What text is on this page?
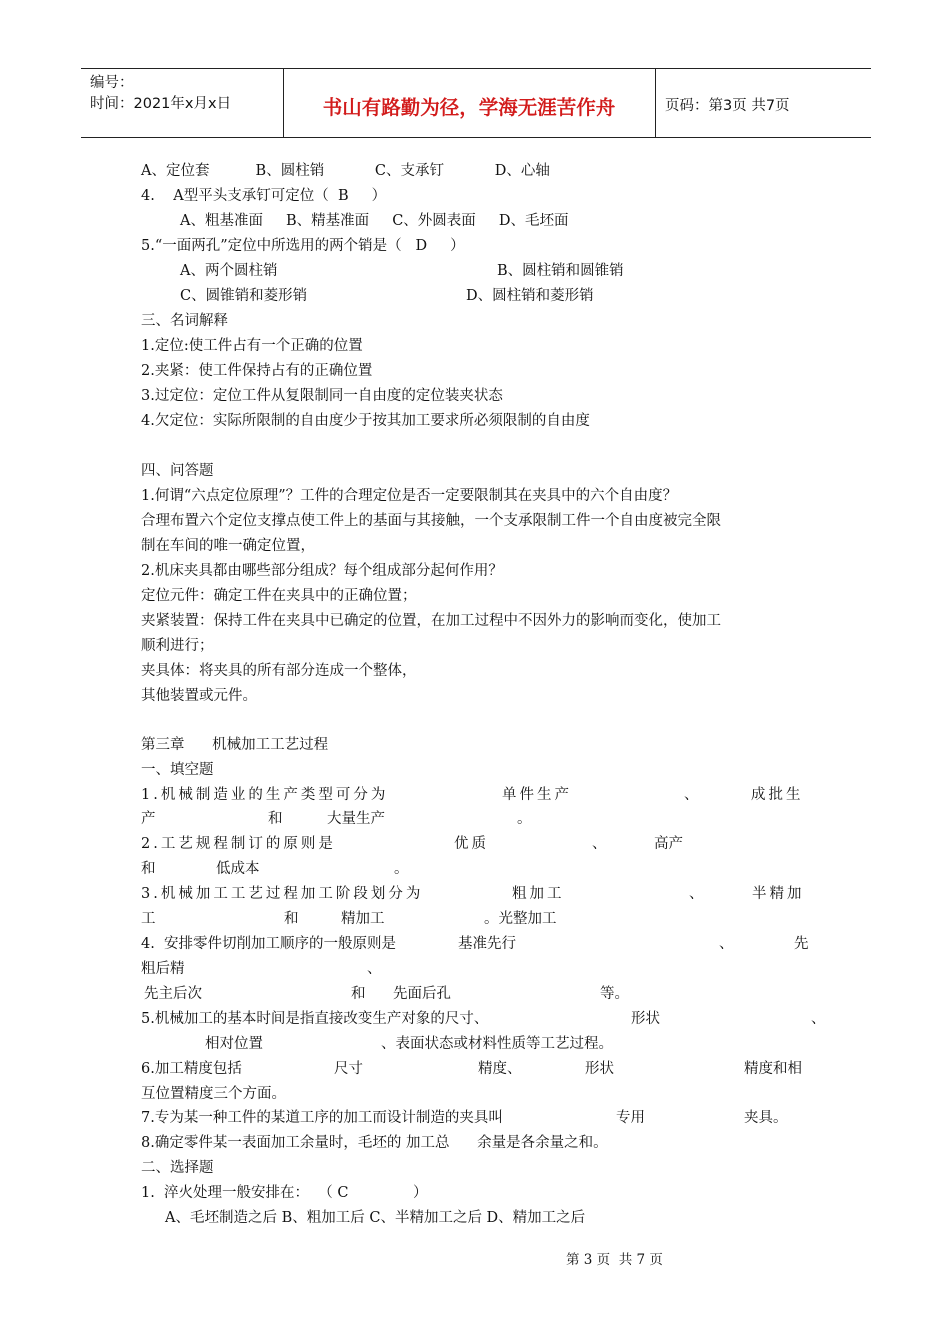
编号：
时间：2021年x月x日	书山有路勤为径，学海无涯苦作舟	页码：第3页 共7页
A、定位套          B、圆柱销           C、支承钉           D、心轴
4.    A型平头支承钉可定位（  B     ）
A、粗基准面     B、精基准面     C、外圆表面     D、毛坯面
5.“一面两孔”定位中所选用的两个销是（   D     ）
A、两个圆柱销	B、圆柱销和圆锥销
C、圆锥销和菱形销	D、圆柱销和菱形销
三、名词解释
1.定位:使工件占有一个正确的位置
2.夹紧：使工件保持占有的正确位置
3.过定位：定位工件从复限制同一自由度的定位装夹状态
4.欠定位：实际所限制的自由度少于按其加工要求所必须限制的自由度
四、问答题
1.何谓“六点定位原理”？工件的合理定位是否一定要限制其在夹具中的六个自由度？
合理布置六个定位支撑点使工件上的基面与其接触，一个支承限制工件一个自由度被完全限
制在车间的唯一确定位置，
2.机床夹具都由哪些部分组成？每个组成部分起何作用？
定位元件：确定工件在夹具中的正确位置；
夹紧装置：保持工件在夹具中已确定的位置，在加工过程中不因外力的影响而变化，使加工
顺利进行；
夹具体：将夹具的所有部分连成一个整体，
其他装置或元件。
第三章      机械加工工艺过程
一、填空题
1.机械制造业的生产类型可分为	单件生产	、	成批生
产	和	大量生产	。
2.工艺规程制订的原则是	优质	、	高产
和	低成本	。
3.机械加工工艺过程加工阶段划分为	粗加工	、	半精加
工	和	精加工	。光整加工
4.  安排零件切削加工顺序的一般原则是	基准先行	、	先
粗后精	、
先主后次	和 先面后孔	等。
5.机械加工的基本时间是指直接改变生产对象的尺寸、	形状	、
相对位置	、表面状态或材料性质等工艺过程。
6.加工精度包括	尺寸	精度、	形状	精度和相
互位置精度三个方面。
7.专为某一种工件的某道工序的加工而设计制造的夹具叫	专用	夹具。
8.确定零件某一表面加工余量时，毛坯的 加工总      余量是各余量之和。
二、选择题
1.  淬火处理一般安排在：  （ C              ）
A、毛坯制造之后 B、粗加工后 C、半精加工之后 D、精加工之后
第 3 页  共 7 页
